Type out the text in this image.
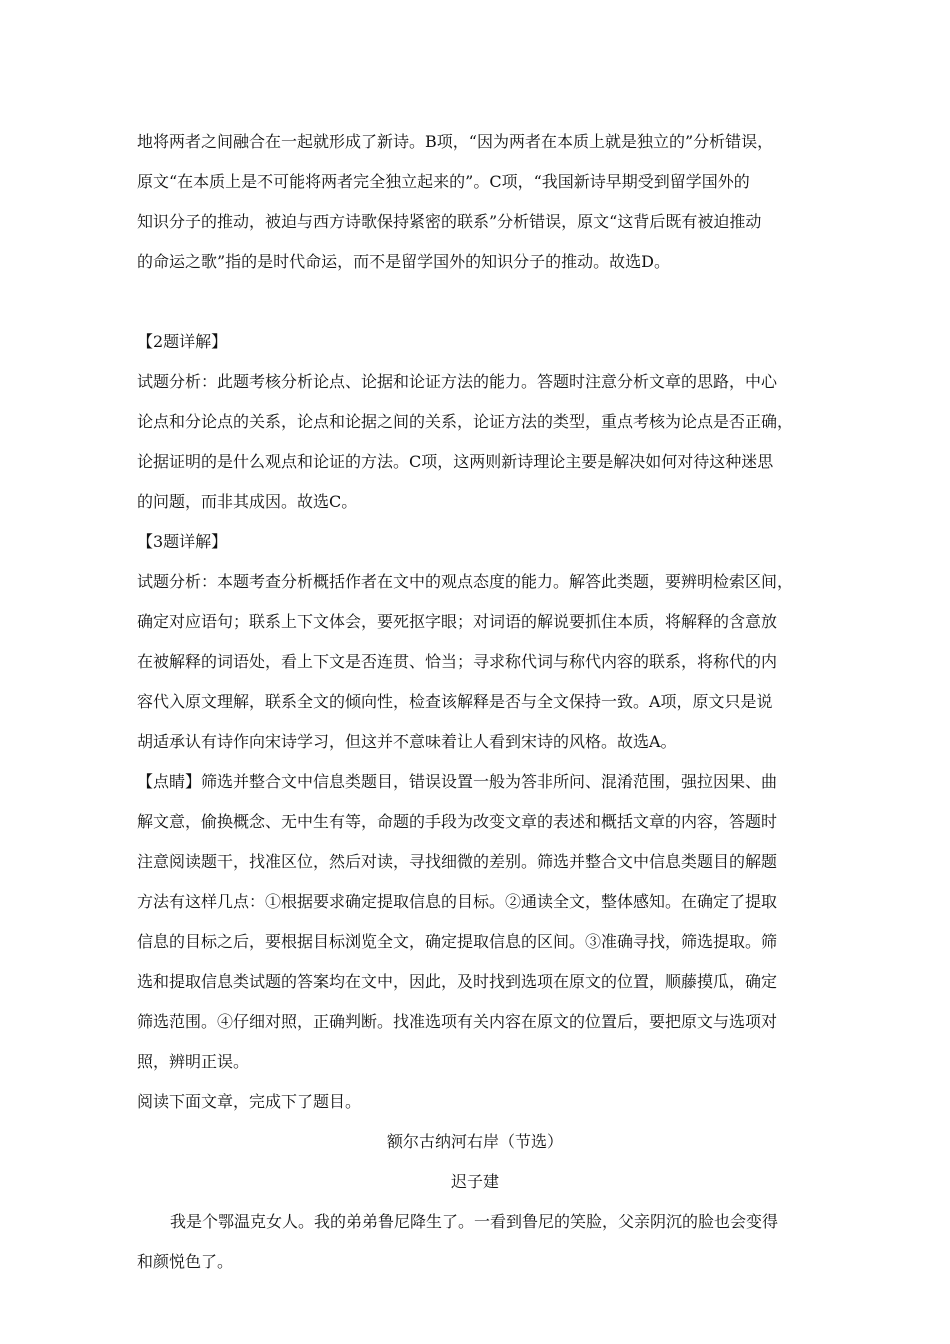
地将两者之间融合在一起就形成了新诗。B项，“因为两者在本质上就是独立的”分析错误，
原文“在本质上是不可能将两者完全独立起来的”。C项，“我国新诗早期受到留学国外的
知识分子的推动，被迫与西方诗歌保持紧密的联系”分析错误，原文“这背后既有被迫推动
的命运之歌”指的是时代命运，而不是留学国外的知识分子的推动。故选D。
【2题详解】
试题分析：此题考核分析论点、论据和论证方法的能力。答题时注意分析文章的思路，中心
论点和分论点的关系，论点和论据之间的关系，论证方法的类型，重点考核为论点是否正确，
论据证明的是什么观点和论证的方法。C项，这两则新诗理论主要是解决如何对待这种迷思
的问题，而非其成因。故选C。
【3题详解】
试题分析：本题考查分析概括作者在文中的观点态度的能力。解答此类题，要辨明检索区间，
确定对应语句；联系上下文体会，要死抠字眼；对词语的解说要抓住本质，将解释的含意放
在被解释的词语处，看上下文是否连贯、恰当；寻求称代词与称代内容的联系，将称代的内
容代入原文理解，联系全文的倾向性，检查该解释是否与全文保持一致。A项，原文只是说
胡适承认有诗作向宋诗学习，但这并不意味着让人看到宋诗的风格。故选A。
【点睛】筛选并整合文中信息类题目，错误设置一般为答非所问、混淆范围，强拉因果、曲
解文意，偷换概念、无中生有等，命题的手段为改变文章的表述和概括文章的内容，答题时
注意阅读题干，找准区位，然后对读，寻找细微的差别。筛选并整合文中信息类题目的解题
方法有这样几点：①根据要求确定提取信息的目标。②通读全文，整体感知。在确定了提取
信息的目标之后，要根据目标浏览全文，确定提取信息的区间。③准确寻找，筛选提取。筛
选和提取信息类试题的答案均在文中，因此，及时找到选项在原文的位置，顺藤摸瓜，确定
筛选范围。④仔细对照，正确判断。找准选项有关内容在原文的位置后，要把原文与选项对
照，辨明正误。
阅读下面文章，完成下了题目。
额尔古纳河右岸（节选）
迟子建
我是个鄂温克女人。我的弟弟鲁尼降生了。一看到鲁尼的笑脸，父亲阴沉的脸也会变得
和颜悦色了。
